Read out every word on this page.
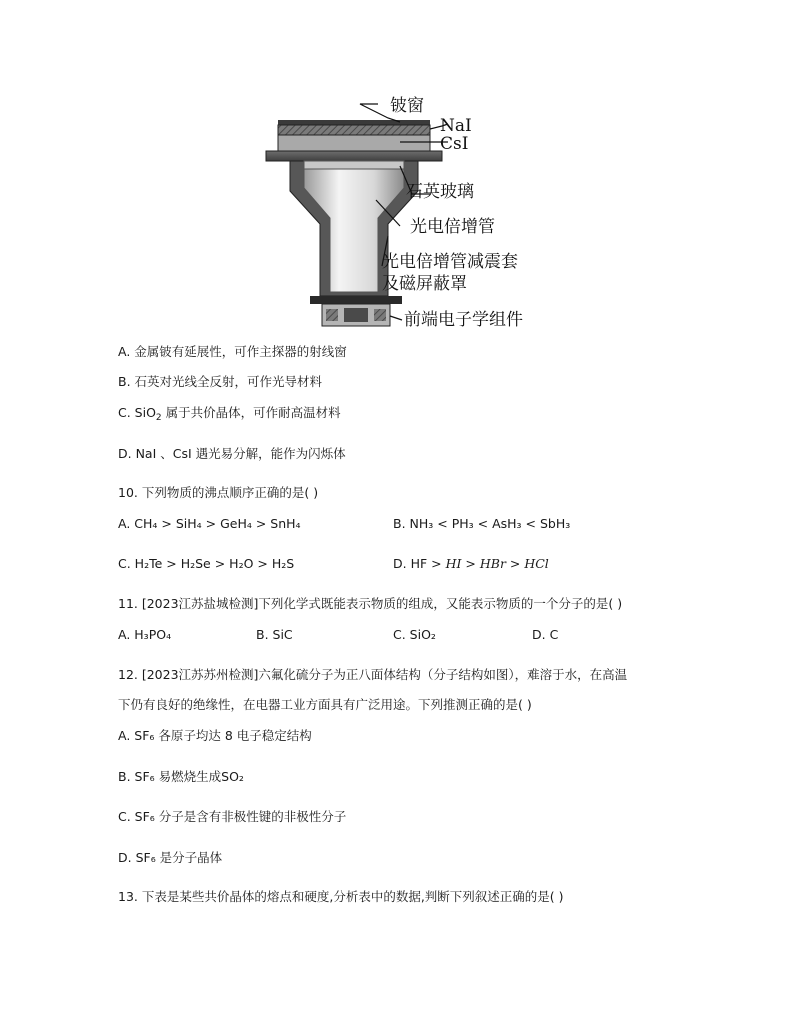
铍窗
NaI
CsI
石英玻璃
光电倍增管
光电倍增管减震套
及磁屏蔽罩
前端电子学组件
A. 金属铍有延展性，可作主探器的射线窗
B. 石英对光线全反射，可作光导材料
C. SiO$_2$ 属于共价晶体，可作耐高温材料
D. NaI 、CsI 遇光易分解，能作为闪烁体
10. 下列物质的沸点顺序正确的是( )
A. CH₄ > SiH₄ > GeH₄ > SnH₄	B. NH₃ < PH₃ < AsH₃ < SbH₃
C. H₂Te > H₂Se > H₂O > H₂S	D. HF > HI > HBr > HCl
11. [2023江苏盐城检测]下列化学式既能表示物质的组成，又能表示物质的一个分子的是( )
A. H₃PO₄	B. SiC	C. SiO₂	D. C
12. [2023江苏苏州检测]六氟化硫分子为正八面体结构（分子结构如图），难溶于水，在高温
下仍有良好的绝缘性，在电器工业方面具有广泛用途。下列推测正确的是( )
A. SF₆ 各原子均达 8 电子稳定结构
B. SF₆ 易燃烧生成SO₂
C. SF₆ 分子是含有非极性键的非极性分子
D. SF₆ 是分子晶体
13. 下表是某些共价晶体的熔点和硬度,分析表中的数据,判断下列叙述正确的是( )
